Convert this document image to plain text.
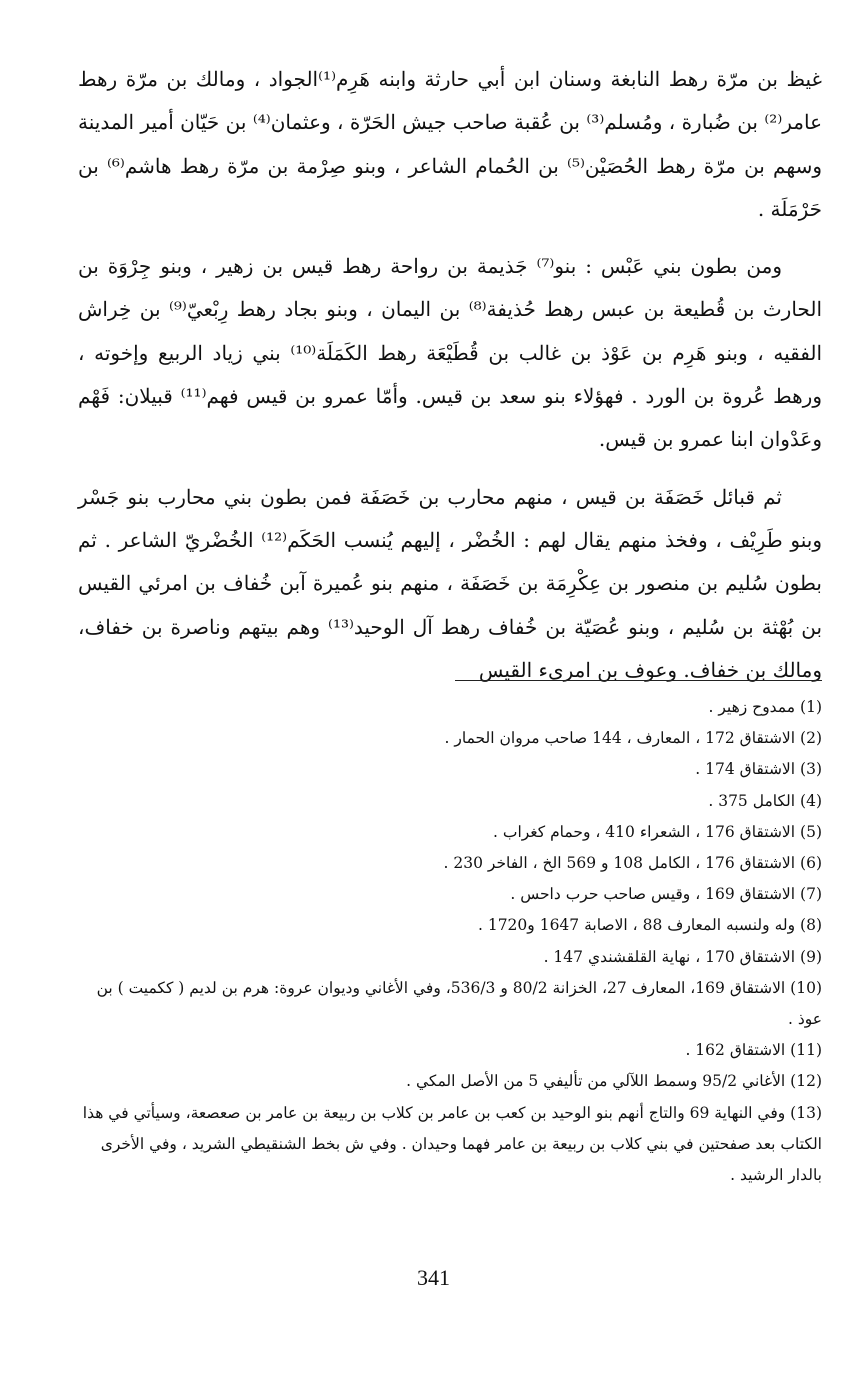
غيظ بن مرّة رهط النابغة وسنان ابن أبي حارثة وابنه هَرِم⁽¹⁾الجواد ، ومالك بن مرّة رهط عامر⁽²⁾ بن ضُبارة ، ومُسلم⁽³⁾ بن عُقبة صاحب جيش الحَرّة ، وعثمان⁽⁴⁾ بن حَيّان أمير المدينة وسهم بن مرّة رهط الحُصَيْن⁽⁵⁾ بن الحُمام الشاعر ، وبنو صِرْمة بن مرّة رهط هاشم⁽⁶⁾ بن حَرْمَلَة .

ومن بطون بني عَبْس : بنو⁽⁷⁾ جَذيمة بن رواحة رهط قيس بن زهير ، وبنو جِرْوَة بن الحارث بن قُطيعة بن عبس رهط حُذيفة⁽⁸⁾ بن اليمان ، وبنو بجاد رهط رِبْعيّ⁽⁹⁾ بن خِراش الفقيه ، وبنو هَرِم بن عَوْذ بن غالب بن قُطَيْعَة رهط الكَمَلَة⁽¹⁰⁾ بني زياد الربيع وإخوته ، ورهط عُروة بن الورد . فهؤلاء بنو سعد بن قيس. وأمّا عمرو بن قيس فهم⁽¹¹⁾ قبيلان: فَهْم وعَدْوان ابنا عمرو بن قيس.

ثم قبائل خَصَفَة بن قيس ، منهم محارب بن خَصَفَة فمن بطون بني محارب بنو جَسْر وبنو طَرِيْف ، وفخذ منهم يقال لهم : الخُضْر ، إليهم يُنسب الحَكَم⁽¹²⁾ الخُضْريّ الشاعر . ثم بطون سُليم بن منصور بن عِكْرِمَة بن خَصَفَة ، منهم بنو عُميرة آبن خُفاف بن امرئي القيس بن بُهْثة بن سُليم ، وبنو عُصَيّة بن خُفاف رهط آل الوحيد⁽¹³⁾ وهم بيتهم وناصرة بن خفاف، ومالك بن خفاف. وعوف بن امرىء القيس

(1) ممدوح زهير .

(2) الاشتقاق 172 ، المعارف ، 144 صاحب مروان الحمار .

(3) الاشتقاق 174 .

(4) الكامل 375 .

(5) الاشتقاق 176 ، الشعراء 410 ، وحمام كغراب .

(6) الاشتقاق 176 ، الكامل 108 و 569 الخ ، الفاخر 230 .

(7) الاشتقاق 169 ، وقيس صاحب حرب داحس .

(8) وله ولنسبه المعارف 88 ، الاصابة 1647 و1720 .

(9) الاشتقاق 170 ، نهاية القلقشندي 147 .

(10) الاشتقاق 169، المعارف 27، الخزانة 80/2 و 536/3، وفي الأغاني وديوان عروة: هرم بن لديم ( ككميت ) بن عوذ .

(11) الاشتقاق 162 .

(12) الأغاني 95/2 وسمط اللآلي من تأليفي 5 من الأصل المكي .

(13) وفي النهاية 69 والتاج أنهم بنو الوحيد بن كعب بن عامر بن كلاب بن ربيعة بن عامر بن صعصعة، وسيأتي في هذا الكتاب بعد صفحتين في بني كلاب بن ربيعة بن عامر فهما وحيدان . وفي ش بخط الشنقيطي الشريد ، وفي الأخرى بالدار الرشيد .

341
